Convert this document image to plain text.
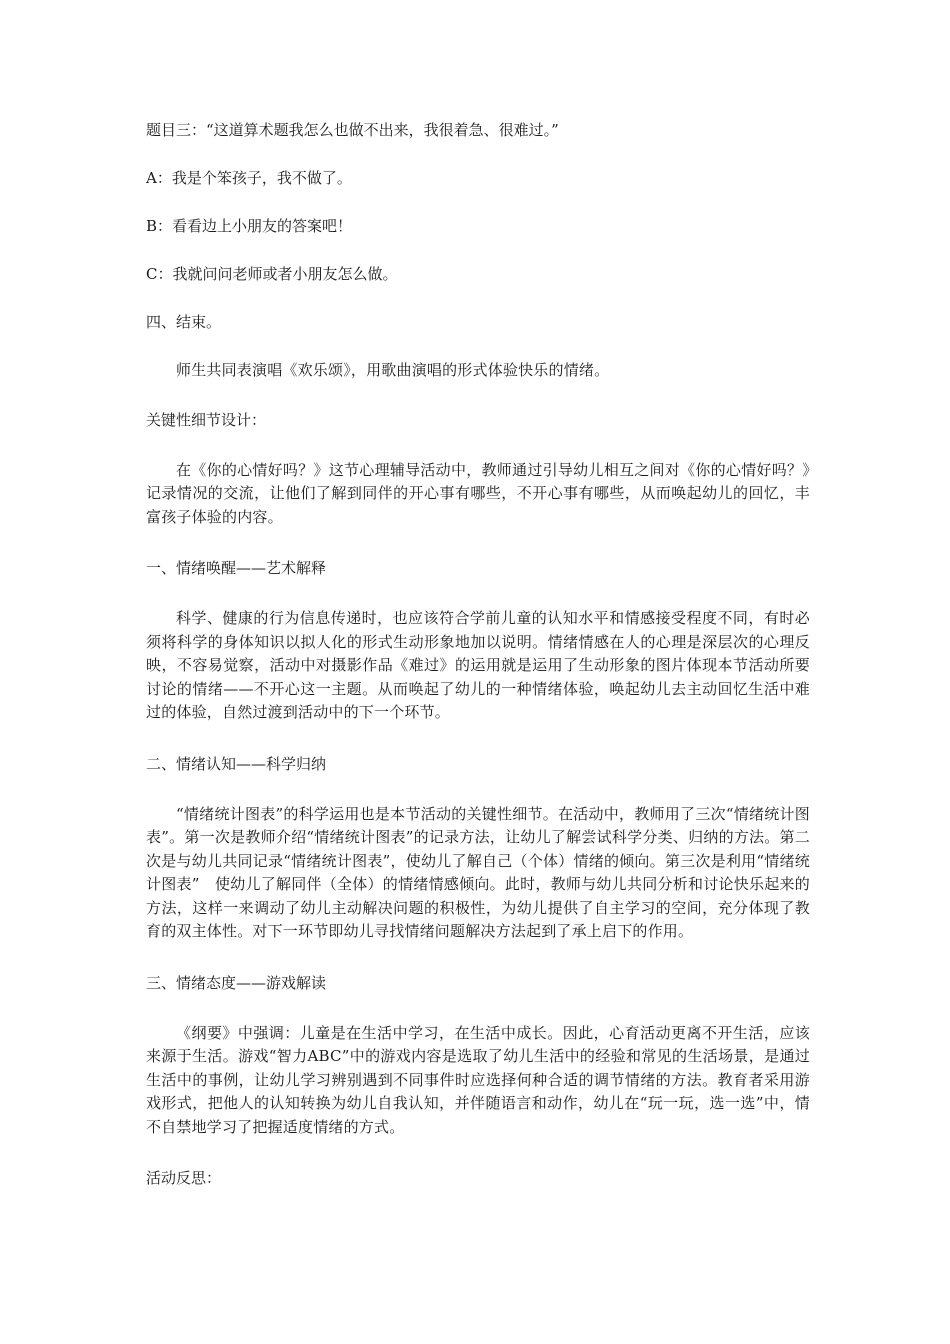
题目三：“这道算术题我怎么也做不出来，我很着急、很难过。”

A：我是个笨孩子，我不做了。

B：看看边上小朋友的答案吧！

C：我就问问老师或者小朋友怎么做。

四、结束。

师生共同表演唱《欢乐颂》，用歌曲演唱的形式体验快乐的情绪。

关键性细节设计：

在《你的心情好吗？》这节心理辅导活动中，教师通过引导幼儿相互之间对《你的心情好吗？》记录情况的交流，让他们了解到同伴的开心事有哪些，不开心事有哪些，从而唤起幼儿的回忆，丰富孩子体验的内容。

一、情绪唤醒——艺术解释

科学、健康的行为信息传递时，也应该符合学前儿童的认知水平和情感接受程度不同，有时必须将科学的身体知识以拟人化的形式生动形象地加以说明。情绪情感在人的心理是深层次的心理反映，不容易觉察，活动中对摄影作品《难过》的运用就是运用了生动形象的图片体现本节活动所要讨论的情绪——不开心这一主题。从而唤起了幼儿的一种情绪体验，唤起幼儿去主动回忆生活中难过的体验，自然过渡到活动中的下一个环节。

二、情绪认知——科学归纳

“情绪统计图表”的科学运用也是本节活动的关键性细节。在活动中，教师用了三次“情绪统计图表”。第一次是教师介绍“情绪统计图表”的记录方法，让幼儿了解尝试科学分类、归纳的方法。第二次是与幼儿共同记录“情绪统计图表”，使幼儿了解自己（个体）情绪的倾向。第三次是利用“情绪统计图表”　使幼儿了解同伴（全体）的情绪情感倾向。此时，教师与幼儿共同分析和讨论快乐起来的方法，这样一来调动了幼儿主动解决问题的积极性，为幼儿提供了自主学习的空间，充分体现了教育的双主体性。对下一环节即幼儿寻找情绪问题解决方法起到了承上启下的作用。

三、情绪态度——游戏解读

《纲要》中强调：儿童是在生活中学习，在生活中成长。因此，心育活动更离不开生活，应该来源于生活。游戏“智力ABC”中的游戏内容是选取了幼儿生活中的经验和常见的生活场景，是通过生活中的事例，让幼儿学习辨别遇到不同事件时应选择何种合适的调节情绪的方法。教育者采用游戏形式，把他人的认知转换为幼儿自我认知，并伴随语言和动作，幼儿在“玩一玩，选一选”中，情不自禁地学习了把握适度情绪的方式。

活动反思：
